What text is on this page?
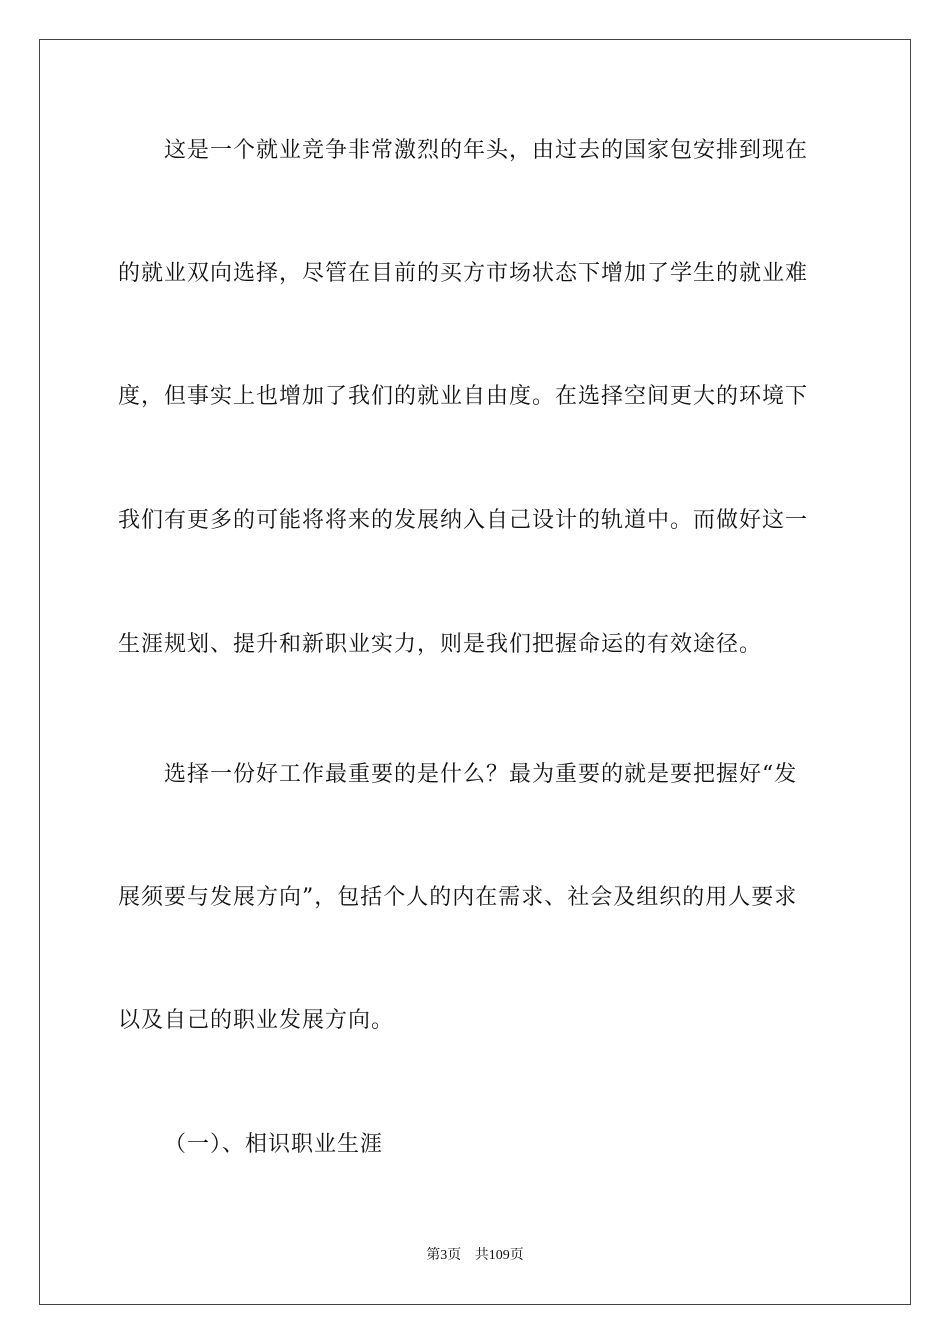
这是一个就业竞争非常激烈的年头，由过去的国家包安排到现在
的就业双向选择，尽管在目前的买方市场状态下增加了学生的就业难
度，但事实上也增加了我们的就业自由度。在选择空间更大的环境下
我们有更多的可能将将来的发展纳入自己设计的轨道中。而做好这一
生涯规划、提升和新职业实力，则是我们把握命运的有效途径。
选择一份好工作最重要的是什么？最为重要的就是要把握好“发
展须要与发展方向”，包括个人的内在需求、社会及组织的用人要求
以及自己的职业发展方向。
（一）、相识职业生涯
第3页 共109页
